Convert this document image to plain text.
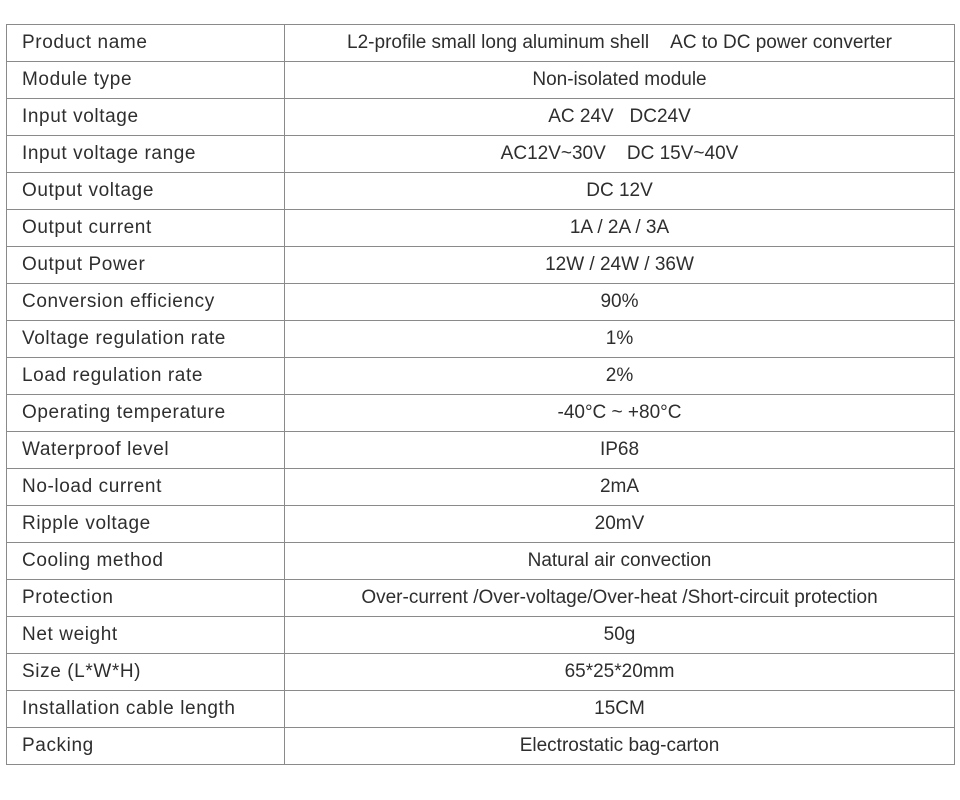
Product name	L2-profile small long aluminum shell    AC to DC power converter
Module type	Non-isolated module
Input voltage	AC 24V   DC24V
Input voltage range	AC12V~30V    DC 15V~40V
Output voltage	DC 12V
Output current	1A / 2A / 3A
Output Power	12W / 24W / 36W
Conversion efficiency	90%
Voltage regulation rate	1%
Load regulation rate	2%
Operating temperature	-40°C ~ +80°C
Waterproof level	IP68
No-load current	2mA
Ripple voltage	20mV
Cooling method	Natural air convection
Protection	Over-current /Over-voltage/Over-heat /Short-circuit protection
Net weight	50g
Size (L*W*H)	65*25*20mm
Installation cable length	15CM
Packing	Electrostatic bag-carton
